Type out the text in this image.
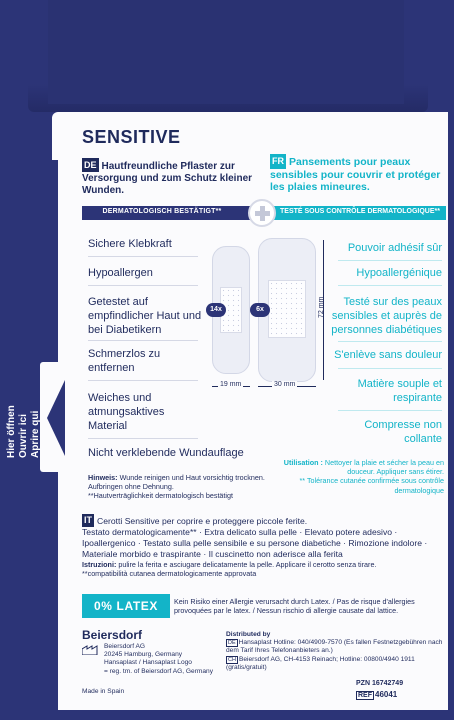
Hier öffnen Ouvrir ici Aprire qui
SENSITIVE
DE Hautfreundliche Pflaster zur Versorgung und zum Schutz kleiner Wunden.
FR Pansements pour peaux sensibles pour couvrir et protéger les plaies mineures.
DERMATOLOGISCH BESTÄTIGT**	TESTÉ SOUS CONTRÔLE DERMATOLOGIQUE**
Sichere Klebkraft
Hypoallergen
Getestet auf empfindlicher Haut und bei Diabetikern
Schmerzlos zu entfernen
Weiches und atmungsaktives Material
Nicht verklebende Wundauflage
Pouvoir adhésif sûr
Hypoallergénique
Testé sur des peaux sensibles et auprès de personnes diabétiques
S'enlève sans douleur
Matière souple et respirante
Compresse non collante
14x	6x	72 mm
19 mm	30 mm
Hinweis: Wunde reinigen und Haut vorsichtig trocknen. Aufbringen ohne Dehnung.
**Hautverträglichkeit dermatologisch bestätigt
Utilisation : Nettoyer la plaie et sécher la peau en douceur. Appliquer sans étirer.
** Tolérance cutanée confirmée sous contrôle dermatologique
IT Cerotti Sensitive per coprire e proteggere piccole ferite.
Testato dermatologicamente** · Extra delicato sulla pelle · Elevato potere adesivo · Ipoallergenico · Testato sulla pelle sensibile e su persone diabetiche · Rimozione indolore · Materiale morbido e traspirante · Il cuscinetto non aderisce alla ferita
Istruzioni: pulire la ferita e asciugare delicatamente la pelle. Applicare il cerotto senza tirare.
**compatibilità cutanea dermatologicamente approvata
0% LATEX	Kein Risiko einer Allergie verursacht durch Latex. / Pas de risque d'allergies provoquées par le latex. / Nessun rischio di allergie causate dal lattice.
Beiersdorf
Beiersdorf AG
20245 Hamburg, Germany
Hansaplast / Hansaplast Logo
= reg. tm. of Beiersdorf AG, Germany
Made in Spain
Distributed by
DE Hansaplast Hotline: 040/4909-7570 (Es fallen Festnetzgebühren nach dem Tarif Ihres Telefonanbieters an.)
CH Beiersdorf AG, CH-4153 Reinach; Hotline: 00800/4940 1911 (gratis/gratuit)
PZN 16742749
REF 46041
